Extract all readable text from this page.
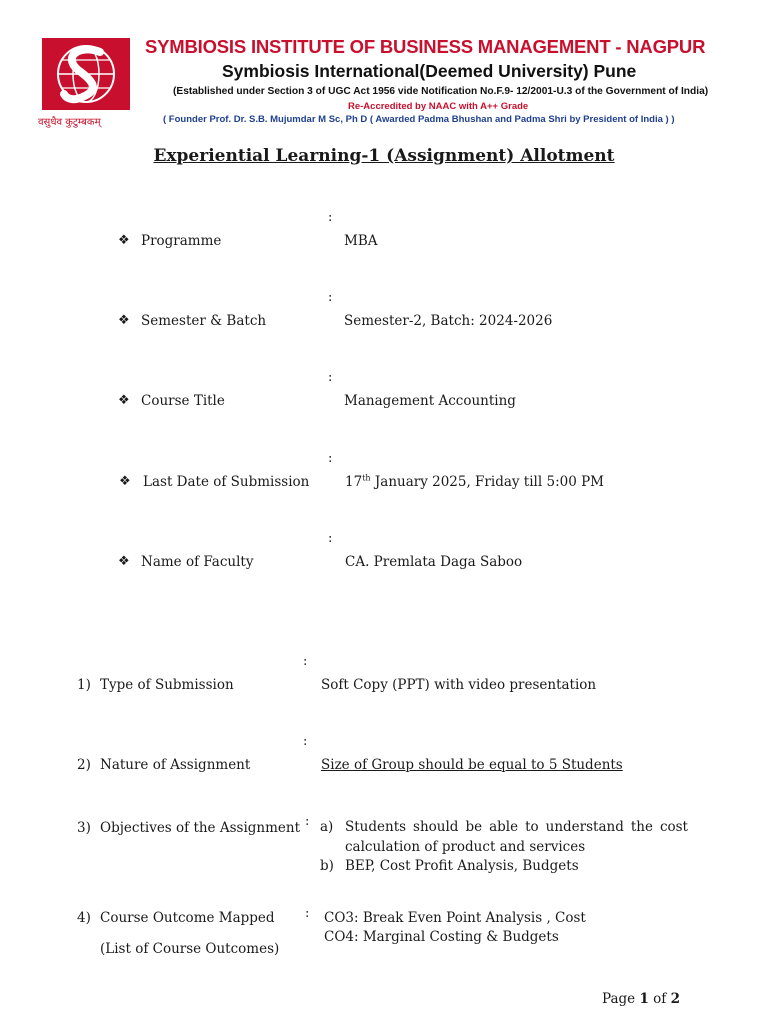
वसुधैव कुटुम्बकम्
SYMBIOSIS INSTITUTE OF BUSINESS MANAGEMENT - NAGPUR
Symbiosis International(Deemed University) Pune
(Established under Section 3 of UGC Act 1956 vide Notification No.F.9- 12/2001-U.3 of the Government of India)
Re-Accredited by NAAC with A++ Grade
( Founder Prof. Dr. S.B. Mujumdar M Sc, Ph D ( Awarded Padma Bhushan and Padma Shri by President of India ) )
Experiential Learning-1 (Assignment) Allotment
:
❖ Programme	MBA
:
❖ Semester & Batch	Semester-2, Batch: 2024-2026
:
❖ Course Title	Management Accounting
:
❖ Last Date of Submission	17th January 2025, Friday till 5:00 PM
:
❖ Name of Faculty	CA. Premlata Daga Saboo
:
1) Type of Submission	Soft Copy (PPT) with video presentation
:
2) Nature of Assignment	Size of Group should be equal to 5 Students
:
3) Objectives of the Assignment a) Students should be able to understand the cost calculation of product and services
b) BEP, Cost Profit Analysis, Budgets
:
4) Course Outcome Mapped
(List of Course Outcomes)
CO3: Break Even Point Analysis , Cost
CO4: Marginal Costing & Budgets
Page 1 of 2
